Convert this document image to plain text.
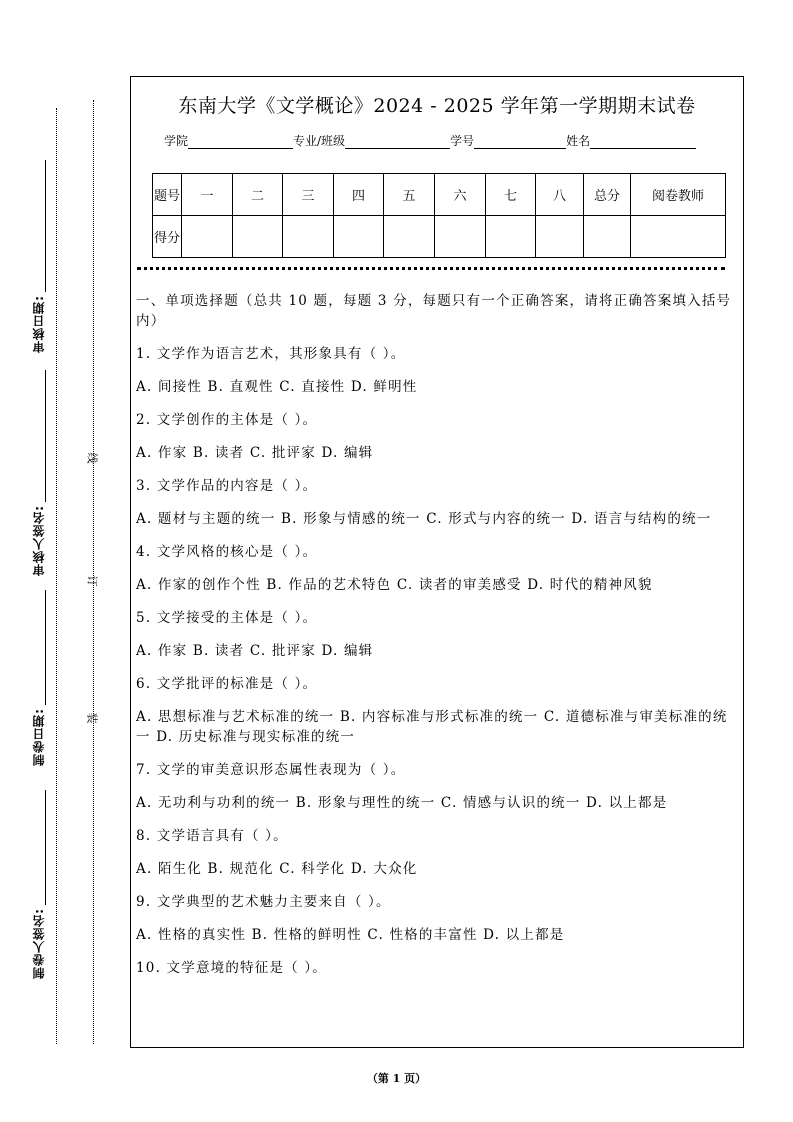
审核日期:
审核人签名:
制卷日期:
制卷人签名:
线
订
装
东南大学《文学概论》2024 - 2025 学年第一学期期末试卷
学院	专业/班级	学号	姓名
题号	一	二	三	四	五	六	七	八	总分	阅卷教师
得分										

一、单项选择题（总共 10 题，每题 3 分，每题只有一个正确答案，请将正确答案填入括号内）

1. 文学作为语言艺术，其形象具有（ ）。

A. 间接性 B. 直观性 C. 直接性 D. 鲜明性

2. 文学创作的主体是（ ）。

A. 作家 B. 读者 C. 批评家 D. 编辑

3. 文学作品的内容是（ ）。

A. 题材与主题的统一 B. 形象与情感的统一 C. 形式与内容的统一 D. 语言与结构的统一

4. 文学风格的核心是（ ）。

A. 作家的创作个性 B. 作品的艺术特色 C. 读者的审美感受 D. 时代的精神风貌

5. 文学接受的主体是（ ）。

A. 作家 B. 读者 C. 批评家 D. 编辑

6. 文学批评的标准是（ ）。

A. 思想标准与艺术标准的统一 B. 内容标准与形式标准的统一 C. 道德标准与审美标准的统一 D. 历史标准与现实标准的统一

7. 文学的审美意识形态属性表现为（ ）。

A. 无功利与功利的统一 B. 形象与理性的统一 C. 情感与认识的统一 D. 以上都是

8. 文学语言具有（ ）。

A. 陌生化 B. 规范化 C. 科学化 D. 大众化

9. 文学典型的艺术魅力主要来自（ ）。

A. 性格的真实性 B. 性格的鲜明性 C. 性格的丰富性 D. 以上都是

10. 文学意境的特征是（ ）。

（第 1 页）
